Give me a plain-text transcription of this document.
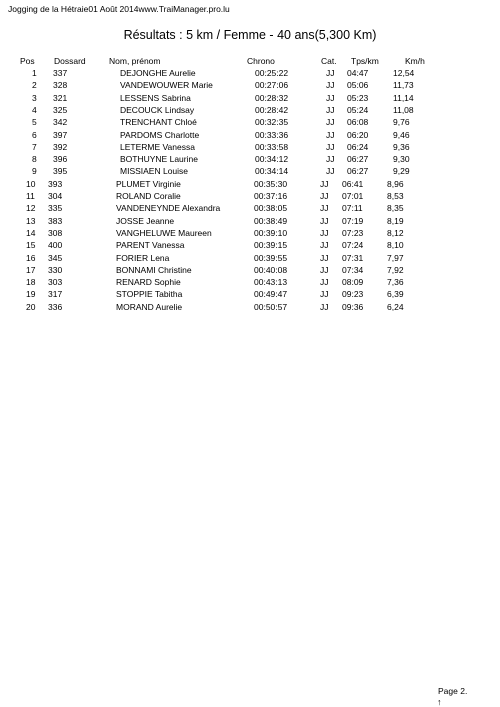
Jogging de la Hétraie01 Août 2014www.TraiManager.pro.lu
Résultats : 5 km / Femme - 40 ans(5,300 Km)
Pos Dossard	Nom, prénom	Chrono	Cat. Tps/km	Km/h
1 337	DEJONGHE Aurelie	00:25:22	JJ 04:47	12,54
2 328	VANDEWOUWER Marie	00:27:06	JJ 05:06	11,73
3 321	LESSENS Sabrina	00:28:32	JJ 05:23	11,14
4 325	DECOUCK Lindsay	00:28:42	JJ 05:24	11,08
5 342	TRENCHANT Chloé	00:32:35	JJ 06:08	9,76
6 397	PARDOMS Charlotte	00:33:36	JJ 06:20	9,46
7 392	LETERME Vanessa	00:33:58	JJ 06:24	9,36
8 396	BOTHUYNE Laurine	00:34:12	JJ 06:27	9,30
9 395	MISSIAEN Louise	00:34:14	JJ 06:27	9,29
10 393	PLUMET Virginie	00:35:30	JJ 06:41	8,96
11 304	ROLAND Coralie	00:37:16	JJ 07:01	8,53
12 335	VANDENEYNDE Alexandra	00:38:05	JJ 07:11	8,35
13 383	JOSSE Jeanne	00:38:49	JJ 07:19	8,19
14 308	VANGHELUWE Maureen	00:39:10	JJ 07:23	8,12
15 400	PARENT Vanessa	00:39:15	JJ 07:24	8,10
16 345	FORIER Lena	00:39:55	JJ 07:31	7,97
17 330	BONNAMI Christine	00:40:08	JJ 07:34	7,92
18 303	RENARD Sophie	00:43:13	JJ 08:09	7,36
19 317	STOPPIE Tabitha	00:49:47	JJ 09:23	6,39
20 336	MORAND Aurelie	00:50:57	JJ 09:36	6,24
Page 2.
↑
